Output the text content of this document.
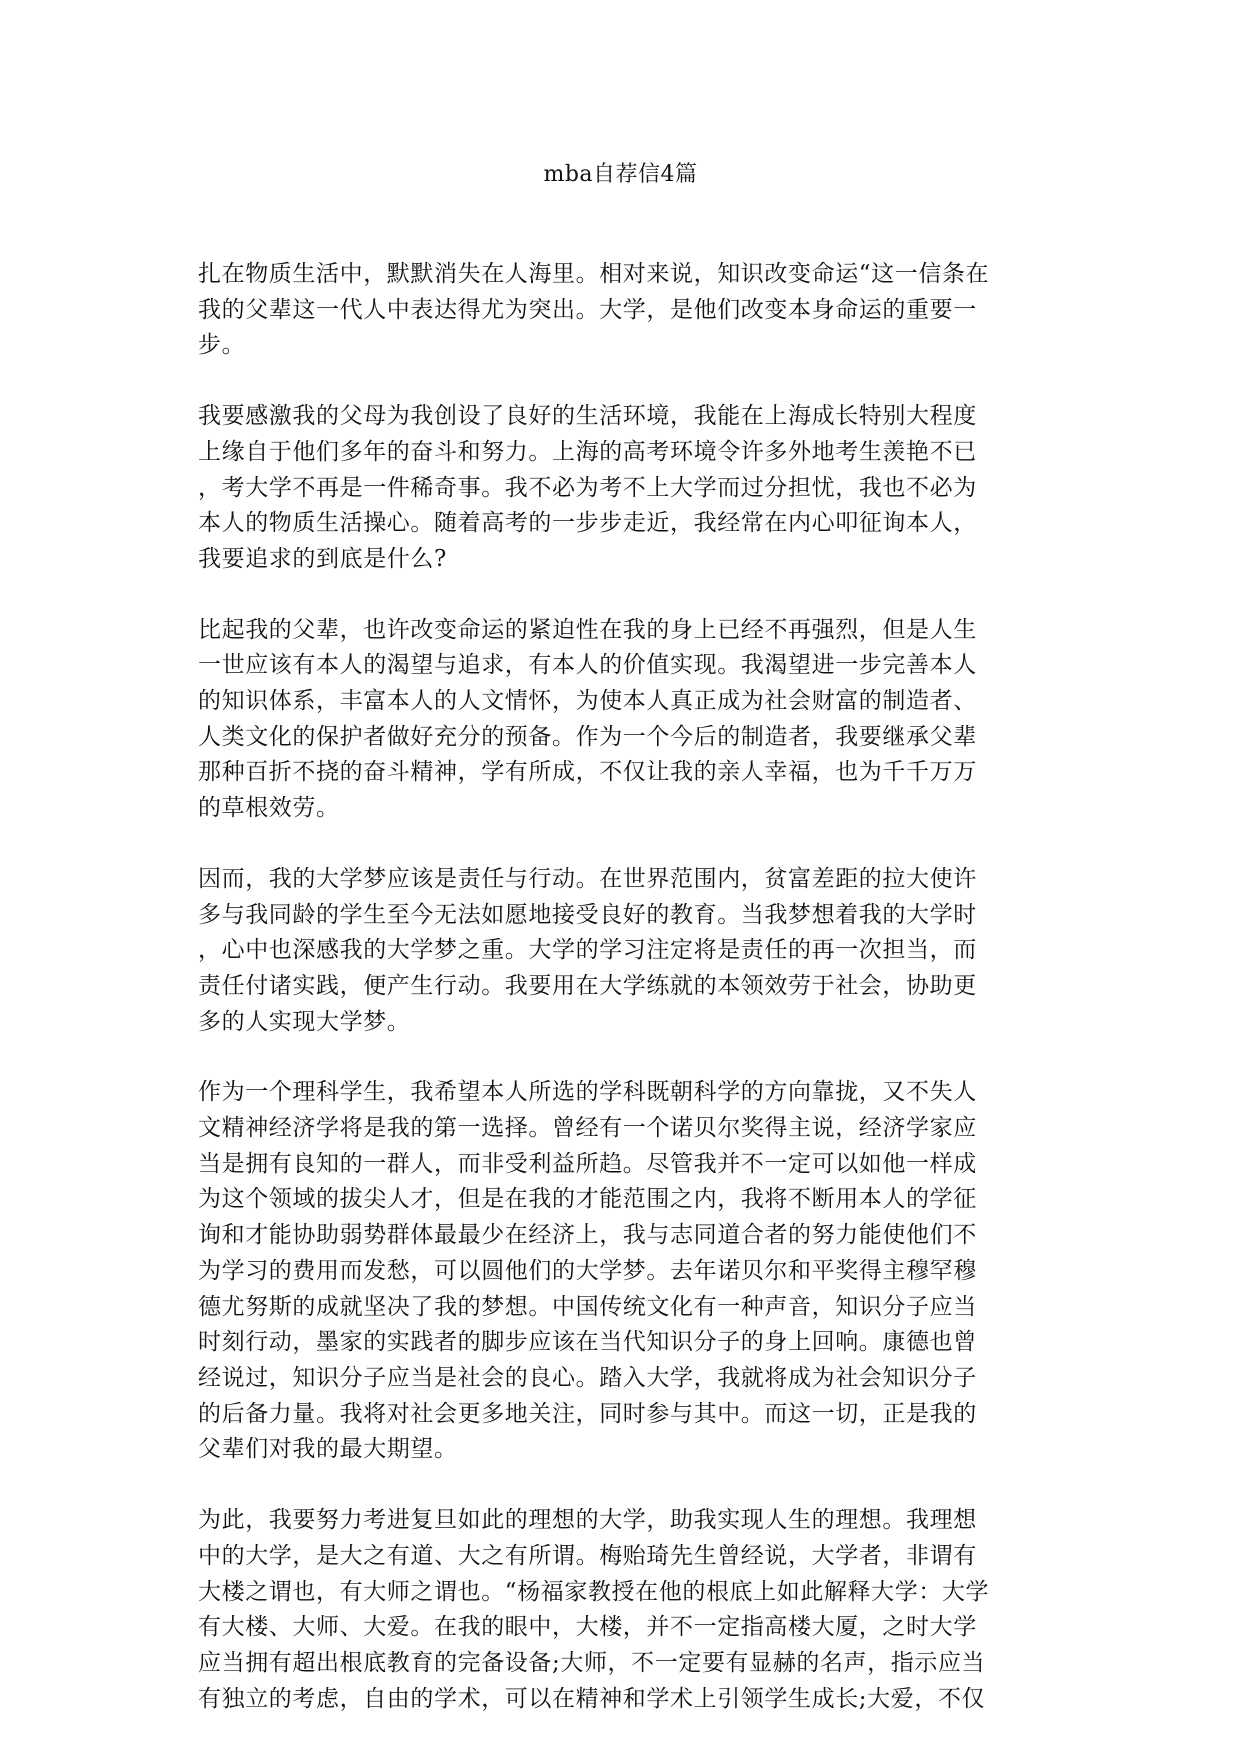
mba自荐信4篇

扎在物质生活中，默默消失在人海里。相对来说，知识改变命运“这一信条在
我的父辈这一代人中表达得尤为突出。大学，是他们改变本身命运的重要一
步。

我要感激我的父母为我创设了良好的生活环境，我能在上海成长特别大程度
上缘自于他们多年的奋斗和努力。上海的高考环境令许多外地考生羡艳不已
，考大学不再是一件稀奇事。我不必为考不上大学而过分担忧，我也不必为
本人的物质生活操心。随着高考的一步步走近，我经常在内心叩征询本人，
我要追求的到底是什么?

比起我的父辈，也许改变命运的紧迫性在我的身上已经不再强烈，但是人生
一世应该有本人的渴望与追求，有本人的价值实现。我渴望进一步完善本人
的知识体系，丰富本人的人文情怀，为使本人真正成为社会财富的制造者、
人类文化的保护者做好充分的预备。作为一个今后的制造者，我要继承父辈
那种百折不挠的奋斗精神，学有所成，不仅让我的亲人幸福，也为千千万万
的草根效劳。

因而，我的大学梦应该是责任与行动。在世界范围内，贫富差距的拉大使许
多与我同龄的学生至今无法如愿地接受良好的教育。当我梦想着我的大学时
，心中也深感我的大学梦之重。大学的学习注定将是责任的再一次担当，而
责任付诸实践，便产生行动。我要用在大学练就的本领效劳于社会，协助更
多的人实现大学梦。

作为一个理科学生，我希望本人所选的学科既朝科学的方向靠拢，又不失人
文精神经济学将是我的第一选择。曾经有一个诺贝尔奖得主说，经济学家应
当是拥有良知的一群人，而非受利益所趋。尽管我并不一定可以如他一样成
为这个领域的拔尖人才，但是在我的才能范围之内，我将不断用本人的学征
询和才能协助弱势群体最最少在经济上，我与志同道合者的努力能使他们不
为学习的费用而发愁，可以圆他们的大学梦。去年诺贝尔和平奖得主穆罕穆
德尤努斯的成就坚决了我的梦想。中国传统文化有一种声音，知识分子应当
时刻行动，墨家的实践者的脚步应该在当代知识分子的身上回响。康德也曾
经说过，知识分子应当是社会的良心。踏入大学，我就将成为社会知识分子
的后备力量。我将对社会更多地关注，同时参与其中。而这一切，正是我的
父辈们对我的最大期望。

为此，我要努力考进复旦如此的理想的大学，助我实现人生的理想。我理想
中的大学，是大之有道、大之有所谓。梅贻琦先生曾经说，大学者，非谓有
大楼之谓也，有大师之谓也。“杨福家教授在他的根底上如此解释大学：大学
有大楼、大师、大爱。在我的眼中，大楼，并不一定指高楼大厦，之时大学
应当拥有超出根底教育的完备设备;大师，不一定要有显赫的名声，指示应当
有独立的考虑，自由的学术，可以在精神和学术上引领学生成长;大爱，不仅
